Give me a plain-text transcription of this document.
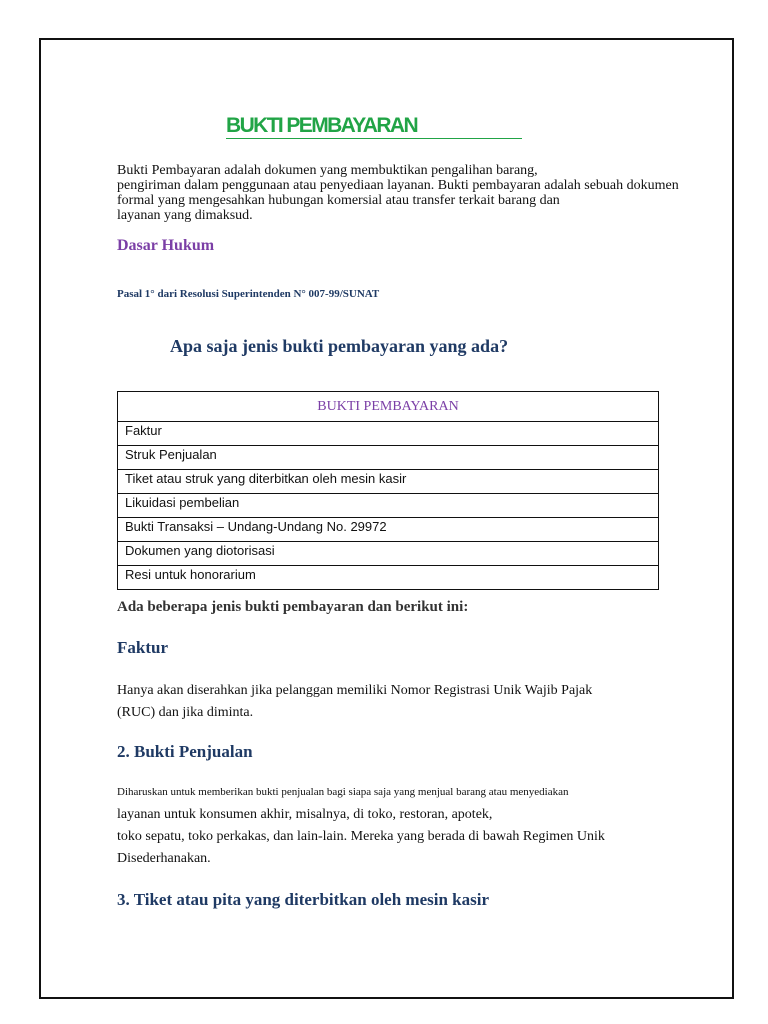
BUKTI PEMBAYARAN
Bukti Pembayaran adalah dokumen yang membuktikan pengalihan barang,
pengiriman dalam penggunaan atau penyediaan layanan. Bukti pembayaran adalah sebuah dokumen
formal yang mengesahkan hubungan komersial atau transfer terkait barang dan
layanan yang dimaksud.
Dasar Hukum
Pasal 1° dari Resolusi Superintenden N° 007-99/SUNAT
Apa saja jenis bukti pembayaran yang ada?
BUKTI PEMBAYARAN
Faktur
Struk Penjualan
Tiket atau struk yang diterbitkan oleh mesin kasir
Likuidasi pembelian
Bukti Transaksi – Undang-Undang No. 29972
Dokumen yang diotorisasi
Resi untuk honorarium
Ada beberapa jenis bukti pembayaran dan berikut ini:
Faktur
Hanya akan diserahkan jika pelanggan memiliki Nomor Registrasi Unik Wajib Pajak
(RUC) dan jika diminta.
2. Bukti Penjualan
Diharuskan untuk memberikan bukti penjualan bagi siapa saja yang menjual barang atau menyediakan
layanan untuk konsumen akhir, misalnya, di toko, restoran, apotek,
toko sepatu, toko perkakas, dan lain-lain. Mereka yang berada di bawah Regimen Unik
Disederhanakan.
3. Tiket atau pita yang diterbitkan oleh mesin kasir
